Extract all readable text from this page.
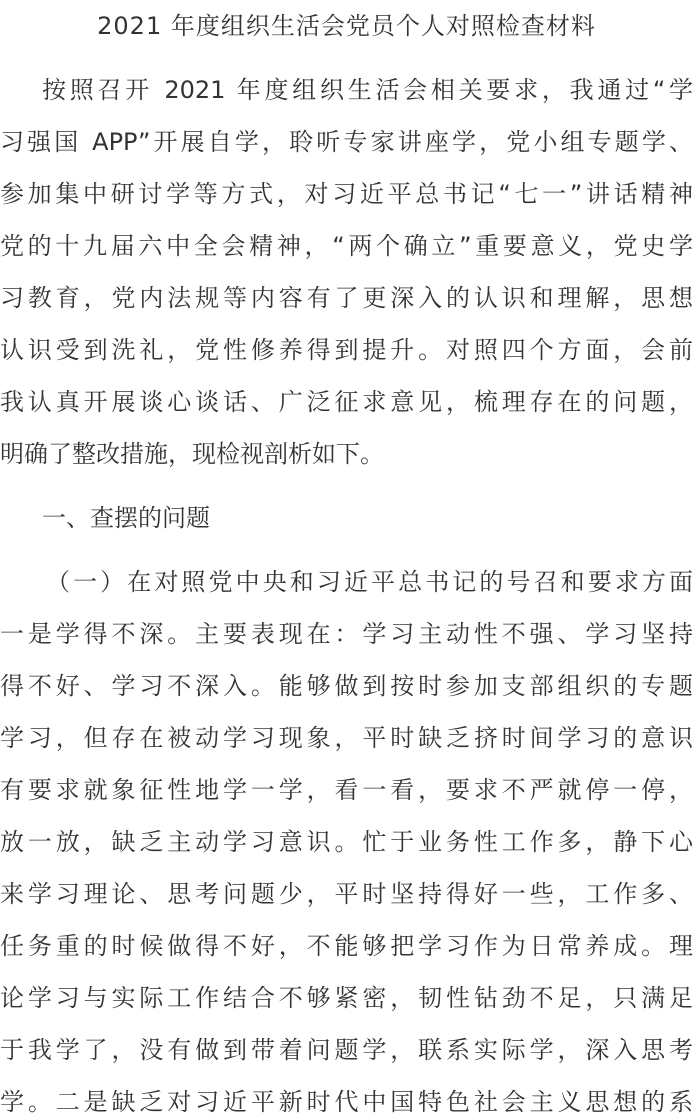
2021 年度组织生活会党员个人对照检查材料
按照召开 2021 年度组织生活会相关要求，我通过“学
习强国 APP”开展自学，聆听专家讲座学，党小组专题学、
参加集中研讨学等方式，对习近平总书记“七一”讲话精神
党的十九届六中全会精神，“两个确立”重要意义，党史学
习教育，党内法规等内容有了更深入的认识和理解，思想
认识受到洗礼，党性修养得到提升。对照四个方面，会前
我认真开展谈心谈话、广泛征求意见，梳理存在的问题，
明确了整改措施，现检视剖析如下。
一、查摆的问题
（一）在对照党中央和习近平总书记的号召和要求方面
一是学得不深。主要表现在：学习主动性不强、学习坚持
得不好、学习不深入。能够做到按时参加支部组织的专题
学习，但存在被动学习现象，平时缺乏挤时间学习的意识
有要求就象征性地学一学，看一看，要求不严就停一停，
放一放，缺乏主动学习意识。忙于业务性工作多，静下心
来学习理论、思考问题少，平时坚持得好一些，工作多、
任务重的时候做得不好，不能够把学习作为日常养成。理
论学习与实际工作结合不够紧密，韧性钻劲不足，只满足
于我学了，没有做到带着问题学，联系实际学，深入思考
学。二是缺乏对习近平新时代中国特色社会主义思想的系
